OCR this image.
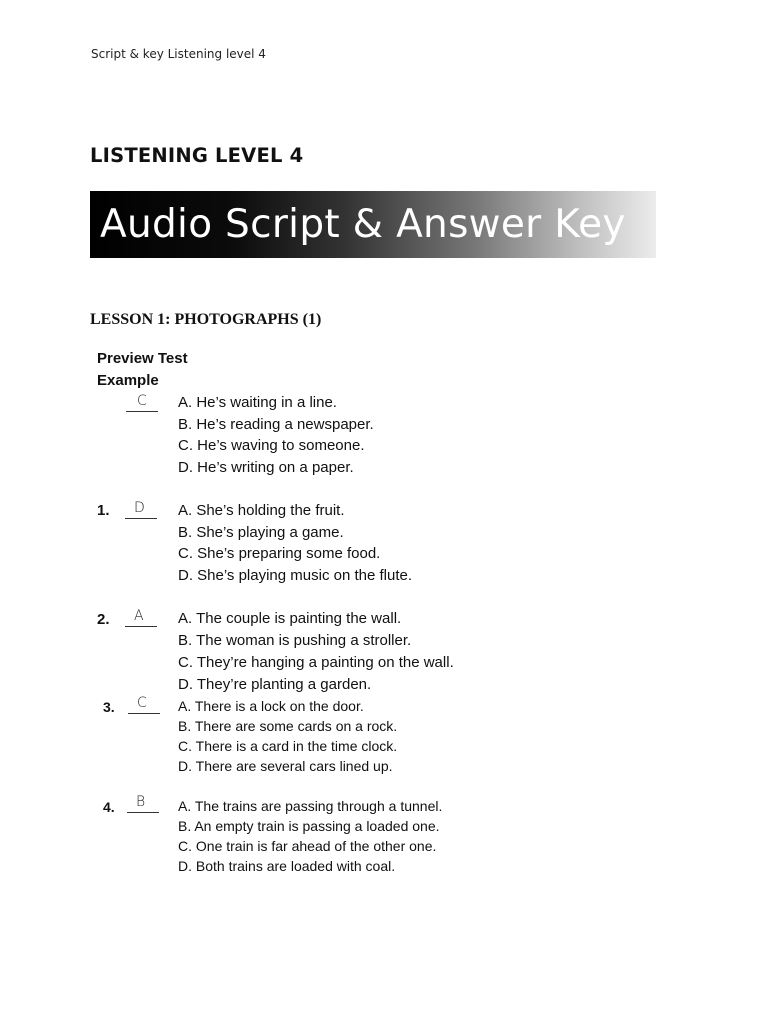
Script & key Listening level 4
LISTENING LEVEL 4
Audio Script & Answer Key
LESSON 1: PHOTOGRAPHS (1)
Preview Test
Example
C A. He’s waiting in a line.
B. He’s reading a newspaper.
C. He’s waving to someone.
D. He’s writing on a paper.
1. D A. She’s holding the fruit.
B. She’s playing a game.
C. She’s preparing some food.
D. She’s playing music on the flute.
2. A A. The couple is painting the wall.
B. The woman is pushing a stroller.
C. They’re hanging a painting on the wall.
D. They’re planting a garden.
3. C A. There is a lock on the door.
B. There are some cards on a rock.
C. There is a card in the time clock.
D. There are several cars lined up.
4. B A. The trains are passing through a tunnel.
B. An empty train is passing a loaded one.
C. One train is far ahead of the other one.
D. Both trains are loaded with coal.
